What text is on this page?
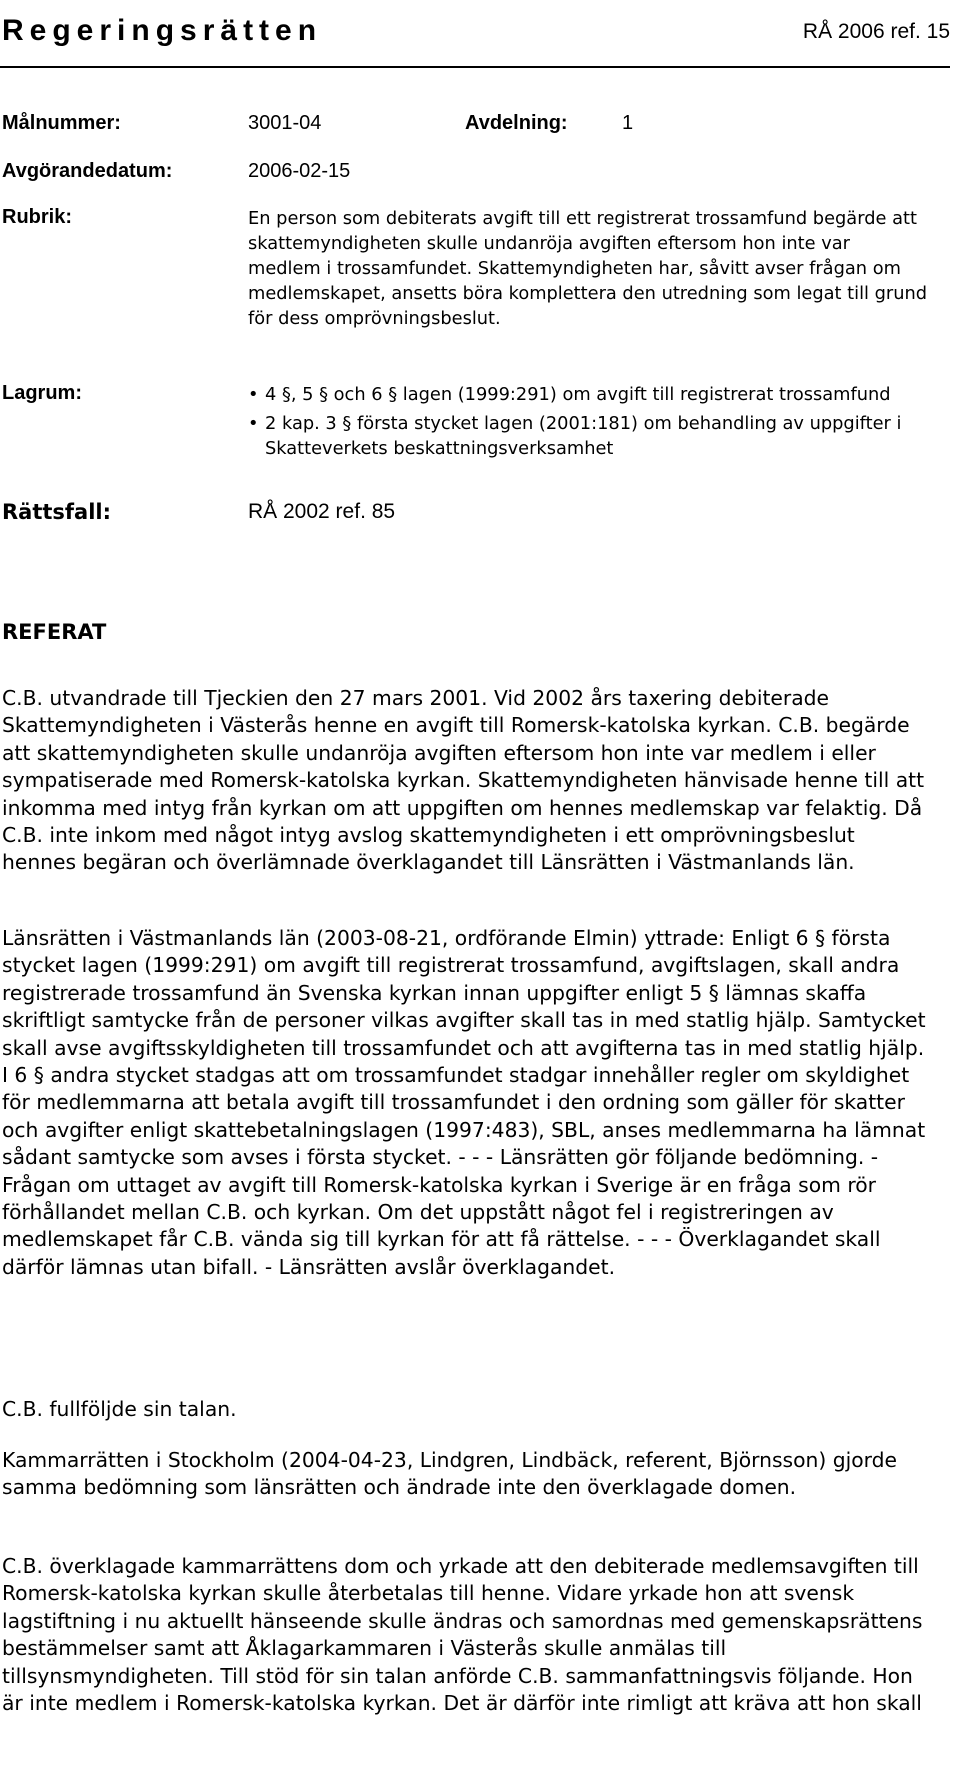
Regeringsrätten	RÅ 2006 ref. 15
Målnummer:	3001-04	Avdelning:	1
Avgörandedatum:	2006-02-15
Rubrik:	En person som debiterats avgift till ett registrerat trossamfund begärde att skattemyndigheten skulle undanröja avgiften eftersom hon inte var medlem i trossamfundet. Skattemyndigheten har, såvitt avser frågan om medlemskapet, ansetts böra komplettera den utredning som legat till grund för dess omprövningsbeslut.

Lagrum:	• 4 §, 5 § och 6 § lagen (1999:291) om avgift till registrerat trossamfund
• 2 kap. 3 § första stycket lagen (2001:181) om behandling av uppgifter i Skatteverkets beskattningsverksamhet
Rättsfall:	RÅ 2002 ref. 85
REFERAT

C.B. utvandrade till Tjeckien den 27 mars 2001. Vid 2002 års taxering debiterade Skattemyndigheten i Västerås henne en avgift till Romersk-katolska kyrkan. C.B. begärde att skattemyndigheten skulle undanröja avgiften eftersom hon inte var medlem i eller sympatiserade med Romersk-katolska kyrkan. Skattemyndigheten hänvisade henne till att inkomma med intyg från kyrkan om att uppgiften om hennes medlemskap var felaktig. Då C.B. inte inkom med något intyg avslog skattemyndigheten i ett omprövningsbeslut hennes begäran och överlämnade överklagandet till Länsrätten i Västmanlands län.

Länsrätten i Västmanlands län (2003-08-21, ordförande Elmin) yttrade: Enligt 6 § första stycket lagen (1999:291) om avgift till registrerat trossamfund, avgiftslagen, skall andra registrerade trossamfund än Svenska kyrkan innan uppgifter enligt 5 § lämnas skaffa skriftligt samtycke från de personer vilkas avgifter skall tas in med statlig hjälp. Samtycket skall avse avgiftsskyldigheten till trossamfundet och att avgifterna tas in med statlig hjälp. I 6 § andra stycket stadgas att om trossamfundet stadgar innehåller regler om skyldighet för medlemmarna att betala avgift till trossamfundet i den ordning som gäller för skatter och avgifter enligt skattebetalningslagen (1997:483), SBL, anses medlemmarna ha lämnat sådant samtycke som avses i första stycket. - - - Länsrätten gör följande bedömning. - Frågan om uttaget av avgift till Romersk-katolska kyrkan i Sverige är en fråga som rör förhållandet mellan C.B. och kyrkan. Om det uppstått något fel i registreringen av medlemskapet får C.B. vända sig till kyrkan för att få rättelse. - - - Överklagandet skall därför lämnas utan bifall. - Länsrätten avslår överklagandet.

C.B. fullföljde sin talan.

Kammarrätten i Stockholm (2004-04-23, Lindgren, Lindbäck, referent, Björnsson) gjorde samma bedömning som länsrätten och ändrade inte den överklagade domen.

C.B. överklagade kammarrättens dom och yrkade att den debiterade medlemsavgiften till Romersk-katolska kyrkan skulle återbetalas till henne. Vidare yrkade hon att svensk lagstiftning i nu aktuellt hänseende skulle ändras och samordnas med gemenskapsrättens bestämmelser samt att Åklagarkammaren i Västerås skulle anmälas till tillsynsmyndigheten. Till stöd för sin talan anförde C.B. sammanfattningsvis följande. Hon är inte medlem i Romersk-katolska kyrkan. Det är därför inte rimligt att kräva att hon skall
